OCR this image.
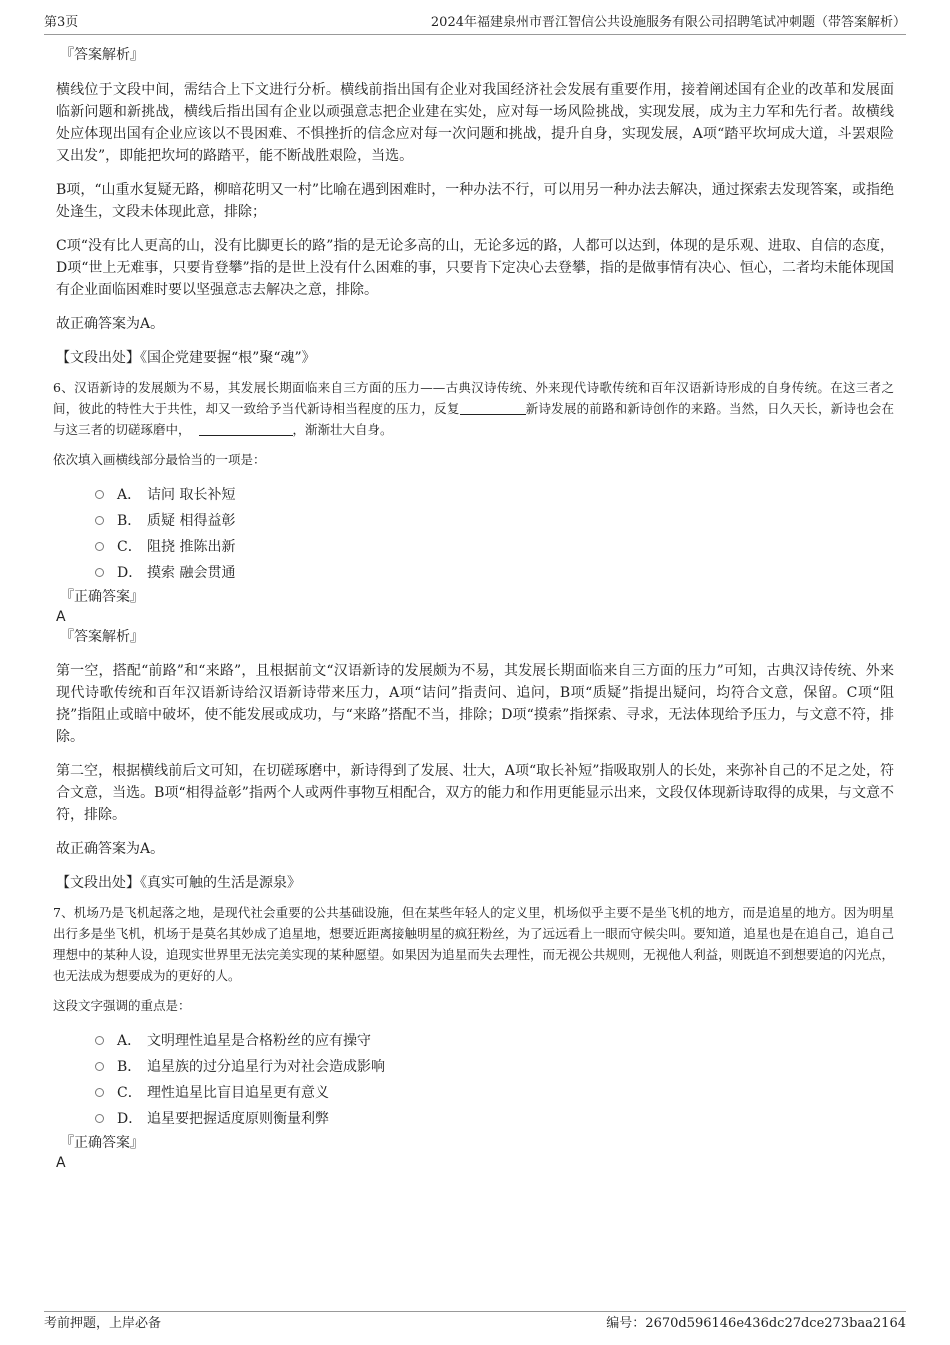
第3页	2024年福建泉州市晋江智信公共设施服务有限公司招聘笔试冲刺题（带答案解析）
『答案解析』

横线位于文段中间，需结合上下文进行分析。横线前指出国有企业对我国经济社会发展有重要作用，接着阐述国有企业的改革和发展面临新问题和新挑战，横线后指出国有企业以顽强意志把企业建在实处，应对每一场风险挑战，实现发展，成为主力军和先行者。故横线处应体现出国有企业应该以不畏困难、不惧挫折的信念应对每一次问题和挑战，提升自身，实现发展，A项“踏平坎坷成大道，斗罢艰险又出发”，即能把坎坷的路踏平，能不断战胜艰险，当选。

B项，“山重水复疑无路，柳暗花明又一村”比喻在遇到困难时，一种办法不行，可以用另一种办法去解决，通过探索去发现答案，或指绝处逢生，文段未体现此意，排除；

C项“没有比人更高的山，没有比脚更长的路”指的是无论多高的山，无论多远的路，人都可以达到，体现的是乐观、进取、自信的态度，D项“世上无难事，只要肯登攀”指的是世上没有什么困难的事，只要肯下定决心去登攀，指的是做事情有决心、恒心，二者均未能体现国有企业面临困难时要以坚强意志去解决之意，排除。

故正确答案为A。

【文段出处】《国企党建要握“根”聚“魂”》

6、汉语新诗的发展颇为不易，其发展长期面临来自三方面的压力——古典汉诗传统、外来现代诗歌传统和百年汉语新诗形成的自身传统。在这三者之间，彼此的特性大于共性，却又一致给予当代新诗相当程度的压力，反复	新诗发展的前路和新诗创作的来路。当然，日久天长，新诗也会在与这三者的切磋琢磨中，	，渐渐壮大自身。

依次填入画横线部分最恰当的一项是：

A． 诘问 取长补短
B． 质疑 相得益彰
C． 阻挠 推陈出新
D． 摸索 融会贯通
『正确答案』

A

『答案解析』

第一空，搭配“前路”和“来路”，且根据前文“汉语新诗的发展颇为不易，其发展长期面临来自三方面的压力”可知，古典汉诗传统、外来现代诗歌传统和百年汉语新诗给汉语新诗带来压力，A项“诘问”指责问、追问，B项“质疑”指提出疑问，均符合文意，保留。C项“阻挠”指阻止或暗中破坏，使不能发展或成功，与“来路”搭配不当，排除；D项“摸索”指探索、寻求，无法体现给予压力，与文意不符，排除。

第二空，根据横线前后文可知，在切磋琢磨中，新诗得到了发展、壮大，A项“取长补短”指吸取别人的长处，来弥补自己的不足之处，符合文意，当选。B项“相得益彰”指两个人或两件事物互相配合，双方的能力和作用更能显示出来，文段仅体现新诗取得的成果，与文意不符，排除。

故正确答案为A。

【文段出处】《真实可触的生活是源泉》

7、机场乃是飞机起落之地，是现代社会重要的公共基础设施，但在某些年轻人的定义里，机场似乎主要不是坐飞机的地方，而是追星的地方。因为明星出行多是坐飞机，机场于是莫名其妙成了追星地，想要近距离接触明星的疯狂粉丝，为了远远看上一眼而守候尖叫。要知道，追星也是在追自己，追自己理想中的某种人设，追现实世界里无法完美实现的某种愿望。如果因为追星而失去理性，而无视公共规则，无视他人利益，则既追不到想要追的闪光点，也无法成为想要成为的更好的人。

这段文字强调的重点是：

A． 文明理性追星是合格粉丝的应有操守
B． 追星族的过分追星行为对社会造成影响
C． 理性追星比盲目追星更有意义
D． 追星要把握适度原则衡量利弊
『正确答案』

A

考前押题，上岸必备	编号：2670d596146e436dc27dce273baa2164
